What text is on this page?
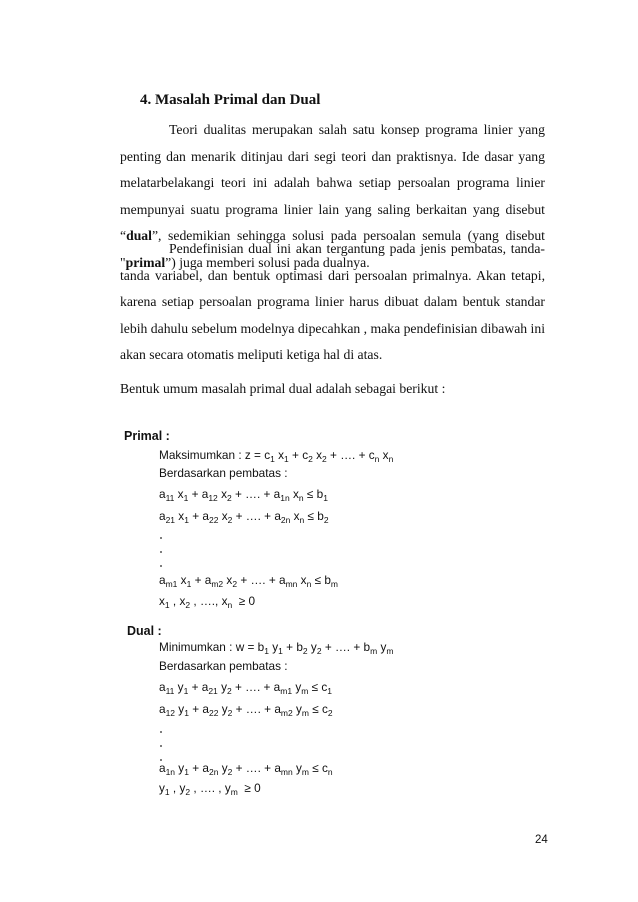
4. Masalah Primal dan Dual

Teori dualitas merupakan salah satu konsep programa linier yang penting dan menarik ditinjau dari segi teori dan praktisnya. Ide dasar yang melatarbelakangi teori ini adalah bahwa setiap persoalan programa linier mempunyai suatu programa linier lain yang saling berkaitan yang disebut “dual”, sedemikian sehingga solusi pada persoalan semula (yang disebut "primal”) juga memberi solusi pada dualnya.

Pendefinisian dual ini akan tergantung pada jenis pembatas, tanda-tanda variabel, dan bentuk optimasi dari persoalan primalnya. Akan tetapi, karena setiap persoalan programa linier harus dibuat dalam bentuk standar lebih dahulu sebelum modelnya dipecahkan , maka pendefinisian dibawah ini akan secara otomatis meliputi ketiga hal di atas.

Bentuk umum masalah primal dual adalah sebagai berikut :

Primal :
Maksimumkan : $z = c_1$ $x_1 + c_2$ $x_2$ + …. + $c_n$ $x_n$
Berdasarkan pembatas :
$a_{11}$ $x_1 + a_{12}$ $x_2$ + …. + $a_{1n}$ $x_n \le b_1$
$a_{21}$ $x_1 + a_{22}$ $x_2$ + …. + $a_{2n}$ $x_n \le b_2$
$a_{m1}$ $x_1 + a_{m2}$ $x_2$ + …. + $a_{mn}$ $x_n \le b_m$
$x_1$ , $x_2$ , …., $x_n \ge 0$
Dual :
Minimumkan : $w = b_1$ $y_1 + b_2$ $y_2$ + …. + $b_m$ $y_m$
Berdasarkan pembatas :
$a_{11}$ $y_1 + a_{21}$ $y_2$ + …. + $a_{m1}$ $y_m \le c_1$
$a_{12}$ $y_1 + a_{22}$ $y_2$ + …. + $a_{m2}$ $y_m \le c_2$
$a_{1n}$ $y_1 + a_{2n}$ $y_2$ + …. + $a_{mn}$ $y_m \le c_n$
$y_1$ , $y_2$ , …. , $y_m \ge 0$
24
